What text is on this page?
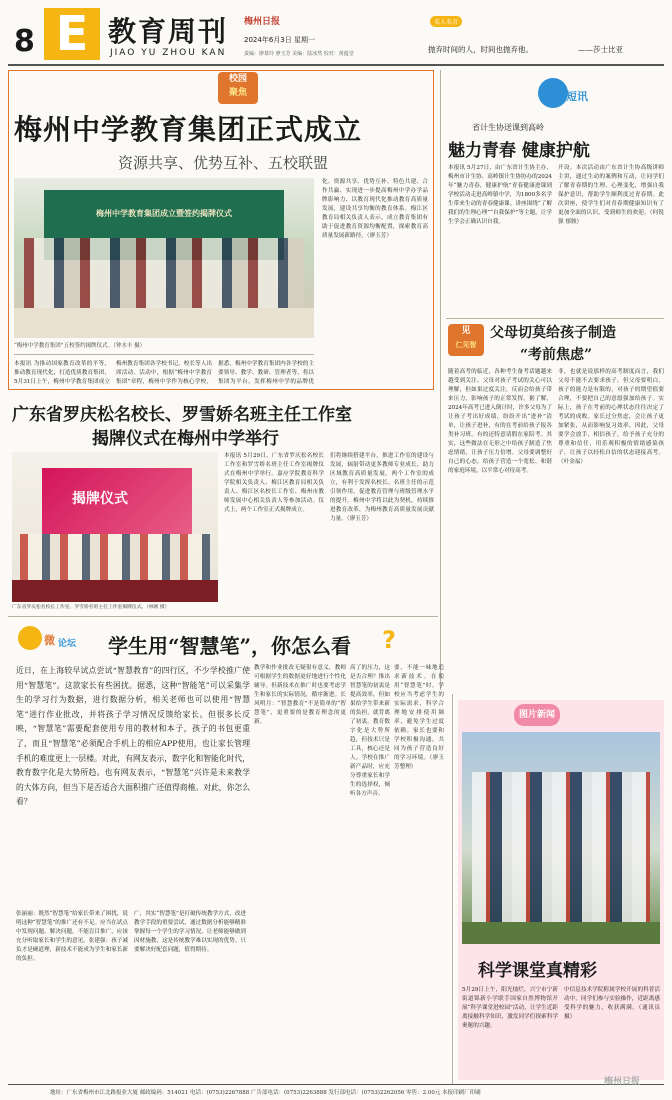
8 E 教育周刊
JIAO YU ZHOU KAN
梅州日报
2024年6月3日 星期一
责编：廖慕玲 廖玉芳 美编：陆冰然 校对：黄蕴堂
名人名言
抛弃时间的人，时间也抛弃他。	——莎士比亚
校园
聚焦
梅州中学教育集团正式成立
资源共享、优势互补、五校联盟
梅州中学教育集团成立暨签约揭牌仪式
“梅州中学教育集团”五校签约揭牌仪式。（钟水丰 摄）
化、资源共享、优势互补、特色共建、合作共赢、实现进一步提高梅州中学办学品牌影响力、以教育现代化推动教育高质量发展，建设共享均衡的教育体系。梅江区教育局相关负责人表示，成立教育集团有助于促进教育资源均衡配置，探索教育高质量发展新路径。（廖玉芳）
本报讯 为推动国家教育改革的平等，推动教育现代化，打造优质教育集团，5月31日上午，梅州中学教育集团成立
梅州教育集团各学校书记、校长等人出席活动。活动中，根据“梅州中学教育集团”章程，梅州中学作为核心学校，
据悉，梅州中学教育集团内各学校的主要领导、教学、教研、管理者等，将以集团为平台，发挥梅州中学的品牌优
广东省罗庆松名校长、罗雪娇名班主任工作室
揭牌仪式在梅州中学举行
揭牌仪式
广东省罗庆松名校长工作室、罗雪娇名班主任工作室揭牌仪式。（林刚 摄）
本报讯 5月29日，广东省罗庆松名校长工作室和罗雪娇名班主任工作室揭牌仪式在梅州中学举行。嘉应学院教育科学学院相关负责人、梅江区教育局相关负责人、梅江区名校长工作室、梅州市教师发展中心相关负责人等参加活动。仪式上，两个工作室正式揭牌成立。
们将继续搭建平台，推进工作室的建设与发展，辐射带动更多教师专业成长，助力区域教育高质量发展。两个工作室的成立，有利于发挥名校长、名班主任的示范引领作用，促进教育管理与班级管理水平的提升。梅州中学将以此为契机，持续推进教育改革，为梅州教育高质量发展贡献力量。（廖玉芳）
短讯
省计生协送课到高岭
魅力青春 健康护航
本报讯 5月27日，由广东省计生协主办，梅州市计生协、高岭镇计生协协办的2024年“魅力青春，健康护航”青春健康进课到学校活动走进高岭镇中学，为1800多名学生带来生动的青春健康课。讲座围绕“了解我们的生理心理”“自我保护”等主题，让学生学会正确认识自我。
开设。本次活动由广东省计生协高级讲师主讲，通过生动的案例和互动，让同学们了解青春期的生理、心理变化，增强自我保护意识，帮助学生顺利度过青春期。此次讲座，使学生们对青春期健康知识有了更加全面的认识，受到师生的欢迎。（何锐强 郁骏）
见
仁见智
父母切莫给孩子制造
“考前焦虑”
随着高考的临近，各种考生备考话题越来越受到关注。父母对孩子考试的关心可以理解，但如果过度关注，反而会给孩子带来压力，影响孩子的正常发挥。据了解，2024年高考已进入倒计时，许多父母为了让孩子考出好成绩，纷纷开出“进补”清单，让孩子进补，有的在考前给孩子报各类补习班，有的还特意请假在家陪考。其实，这些做法在无形之中给孩子制造了焦虑情绪，让孩子压力倍增。父母要调整好自己的心态，给孩子营造一个宽松、和谐的家庭环境，以平常心对待高考。
非，也就是说那样的高考制度而言，我们父母不能不去要求孩子。但父母要明白，孩子的能力是有限的，对孩子的期望值要合理，不要把自己的意愿强加给孩子。实际上，孩子在考前的心理状态往往决定了考试的成败。家长过分焦虑，会让孩子更加紧张，从而影响复习效率。因此，父母要学会放手，相信孩子，给予孩子充分的尊重和信任，用乐观积极的情绪感染孩子，让孩子以轻松自信的状态迎接高考。（叶金福）
微 论坛 学生用“智慧笔”，你怎么看 ?
近日，在上海较早试点尝试“智慧教育”的四行区，不少学校推广使用“智慧笔”。这款家长有些困扰。据悉，这种“智能笔”可以采集学生的学习行为数据，进行数据分析，相关老师也可以使用“智慧笔”进行作业批改，并将孩子学习情况反馈给家长。但很多长反映，“智慧笔”需要配套使用专用的教材和本子，孩子的书包更重了，而且“智慧笔”必须配合手机上的相应APP使用，也让家长管理手机的难度更上一层楼。对此，有网友表示，数字化和智能化时代，教育数字化是大势所趋。也有网友表示，“智慧笔”兴许是未来教学的大体方向，但当下是否适合大面积推广还值得商榷。对此，你怎么看？
张丽丽：既然“智慧笔”给家长带来了困扰，说明这种“智慧笔”的推广还有不足。应当在试点中发现问题、解决问题，不能盲目推广，应该充分听取家长和学生的意见。张建强：孩子减负才是硬道理，新技术不能成为学生和家长新的负担。
广，其实“智慧笔”是打破传统教学方式，改进教学手段的重要尝试，通过数据分析能够精准掌握每一个学生的学习情况，让老师能够做到因材施教，这是传统教学难以实现的优势。只要解决好配套问题，值得期待。
教学和作业批改无疑很有意义，教师可根据学生的数据更好地进行个性化辅导。但新技术在推广时也要考虑学生和家长的实际情况，循序渐进。长风明月：“智慧教育”不是简单的“智慧笔”，更重要的是教育理念的更新。
高了的压力，这是否合理？推出智慧笔的初衷是提高效率，但如果给学生带来新的负担，就背离了初衷。教育数字化是大势所趋，但技术只是工具，核心还是人。学校在推广新产品时，应充分尊重家长和学生的选择权，倾听各方声音。
要，不能一味地追求新技术。在使用“智慧笔”时，学校应当考虑学生的实际需求，科学合理地安排使用频率，避免学生过度依赖。家长也要和学校积极沟通，共同为孩子营造良好的学习环境。（廖玉芳整理）
图片新闻
科学课堂真精彩
5月29日上午，阳光灿烂，兴宁市宁新街道锦新小学联手国家自然博物馆开展“科学课堂进校园”活动，让学生近距离接触科学知识，激发同学们探索科学奥秘的兴趣。
中信息技术学院附属学校开展的科普活动中，同学们参与实验操作，近距离感受科学的魅力，收获满满。（通讯员 摄）
地址：广东省梅州市江北路报业大厦 邮政编码：514021 电话：(0753)2267888 广告部电话：(0753)2263888 发行部电话：(0753)2262056 零售：2.00元 本报印刷厂印刷
梅州日报
